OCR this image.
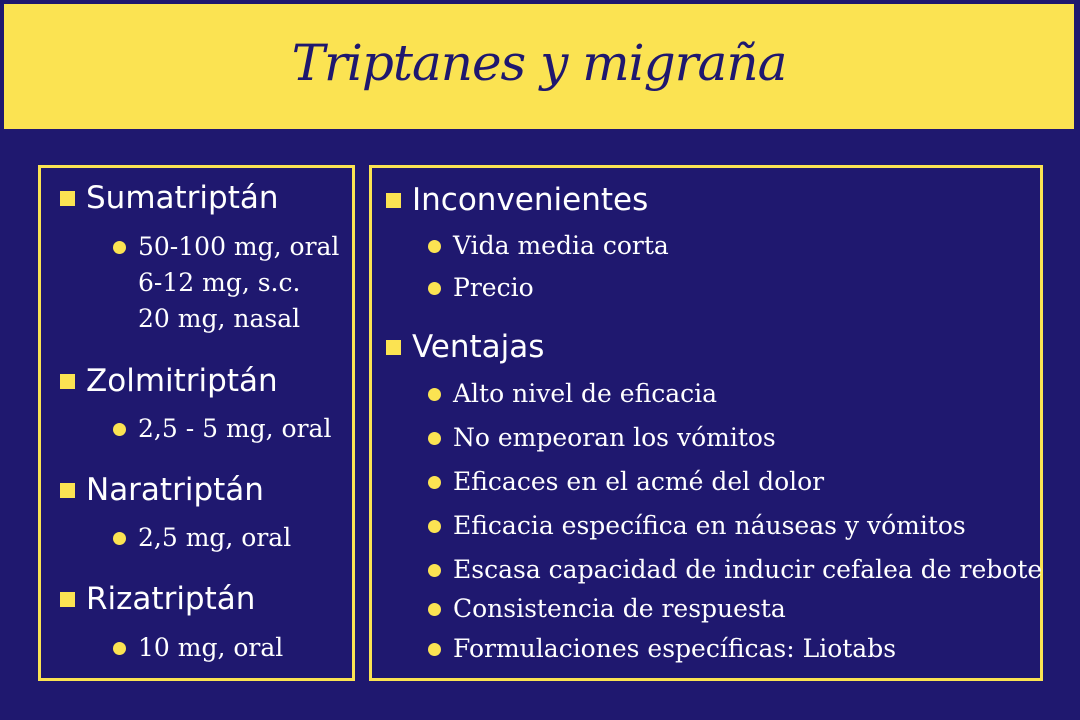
Triptanes y migraña
Sumatriptán
50-100 mg, oral
6-12 mg, s.c.
20 mg, nasal
Zolmitriptán
2,5 - 5 mg, oral
Naratriptán
2,5 mg, oral
Rizatriptán
10 mg, oral
Inconvenientes
Vida media corta
Precio
Ventajas
Alto nivel de eficacia
No empeoran los vómitos
Eficaces en el acmé del dolor
Eficacia específica en náuseas y vómitos
Escasa capacidad de inducir cefalea de rebote
Consistencia de respuesta
Formulaciones específicas: Liotabs
